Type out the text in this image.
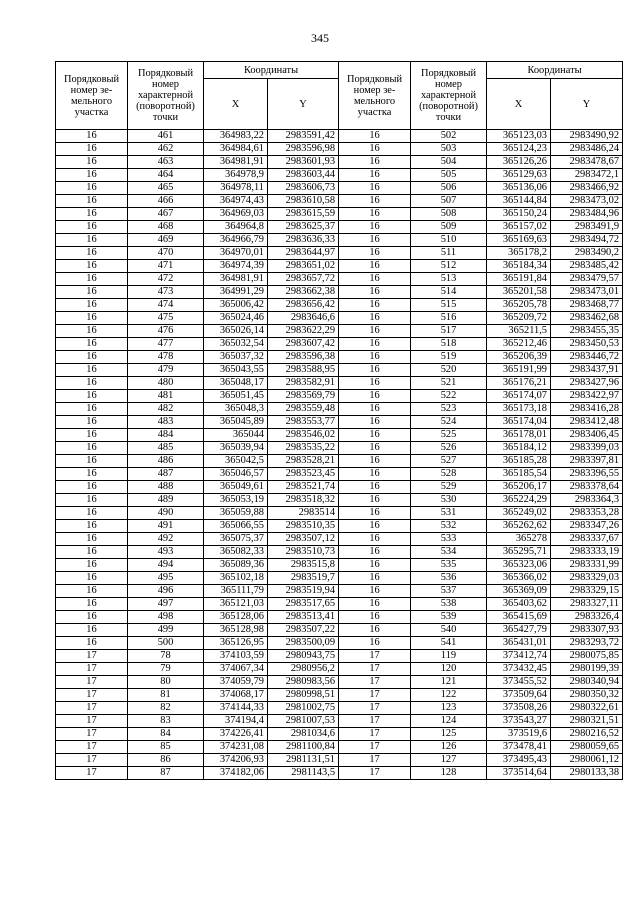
345
Порядковый
номер зе-
мельного
участка	Порядковый
номер
характерной
(поворотной)
точки	Координаты		Порядковый
номер зе-
мельного
участка	Порядковый
номер
характерной
(поворотной)
точки	Координаты	
		X	Y			X	Y
16	461	364983,22	2983591,42	16	502	365123,03	2983490,92
16	462	364984,61	2983596,98	16	503	365124,23	2983486,24
16	463	364981,91	2983601,93	16	504	365126,26	2983478,67
16	464	364978,9	2983603,44	16	505	365129,63	2983472,1
16	465	364978,11	2983606,73	16	506	365136,06	2983466,92
16	466	364974,43	2983610,58	16	507	365144,84	2983473,02
16	467	364969,03	2983615,59	16	508	365150,24	2983484,96
16	468	364964,8	2983625,37	16	509	365157,02	2983491,9
16	469	364966,79	2983636,33	16	510	365169,63	2983494,72
16	470	364970,01	2983644,97	16	511	365178,2	2983490,2
16	471	364974,39	2983651,02	16	512	365184,34	2983485,42
16	472	364981,91	2983657,72	16	513	365191,84	2983479,57
16	473	364991,29	2983662,38	16	514	365201,58	2983473,01
16	474	365006,42	2983656,42	16	515	365205,78	2983468,77
16	475	365024,46	2983646,6	16	516	365209,72	2983462,68
16	476	365026,14	2983622,29	16	517	365211,5	2983455,35
16	477	365032,54	2983607,42	16	518	365212,46	2983450,53
16	478	365037,32	2983596,38	16	519	365206,39	2983446,72
16	479	365043,55	2983588,95	16	520	365191,99	2983437,91
16	480	365048,17	2983582,91	16	521	365176,21	2983427,96
16	481	365051,45	2983569,79	16	522	365174,07	2983422,97
16	482	365048,3	2983559,48	16	523	365173,18	2983416,28
16	483	365045,89	2983553,77	16	524	365174,04	2983412,48
16	484	365044	2983546,02	16	525	365178,01	2983406,45
16	485	365039,94	2983535,22	16	526	365184,12	2983399,03
16	486	365042,5	2983528,21	16	527	365185,28	2983397,81
16	487	365046,57	2983523,45	16	528	365185,54	2983396,55
16	488	365049,61	2983521,74	16	529	365206,17	2983378,64
16	489	365053,19	2983518,32	16	530	365224,29	2983364,3
16	490	365059,88	2983514	16	531	365249,02	2983353,28
16	491	365066,55	2983510,35	16	532	365262,62	2983347,26
16	492	365075,37	2983507,12	16	533	365278	2983337,67
16	493	365082,33	2983510,73	16	534	365295,71	2983333,19
16	494	365089,36	2983515,8	16	535	365323,06	2983331,99
16	495	365102,18	2983519,7	16	536	365366,02	2983329,03
16	496	365111,79	2983519,94	16	537	365369,09	2983329,15
16	497	365121,03	2983517,65	16	538	365403,62	2983327,11
16	498	365128,06	2983513,41	16	539	365415,69	2983326,4
16	499	365128,98	2983507,22	16	540	365427,79	2983307,93
16	500	365126,95	2983500,09	16	541	365431,01	2983293,72
17	78	374103,59	2980943,75	17	119	373412,74	2980075,85
17	79	374067,34	2980956,2	17	120	373432,45	2980199,39
17	80	374059,79	2980983,56	17	121	373455,52	2980340,94
17	81	374068,17	2980998,51	17	122	373509,64	2980350,32
17	82	374144,33	2981002,75	17	123	373508,26	2980322,61
17	83	374194,4	2981007,53	17	124	373543,27	2980321,51
17	84	374226,41	2981034,6	17	125	373519,6	2980216,52
17	85	374231,08	2981100,84	17	126	373478,41	2980059,65
17	86	374206,93	2981131,51	17	127	373495,43	2980061,12
17	87	374182,06	2981143,5	17	128	373514,64	2980133,38
